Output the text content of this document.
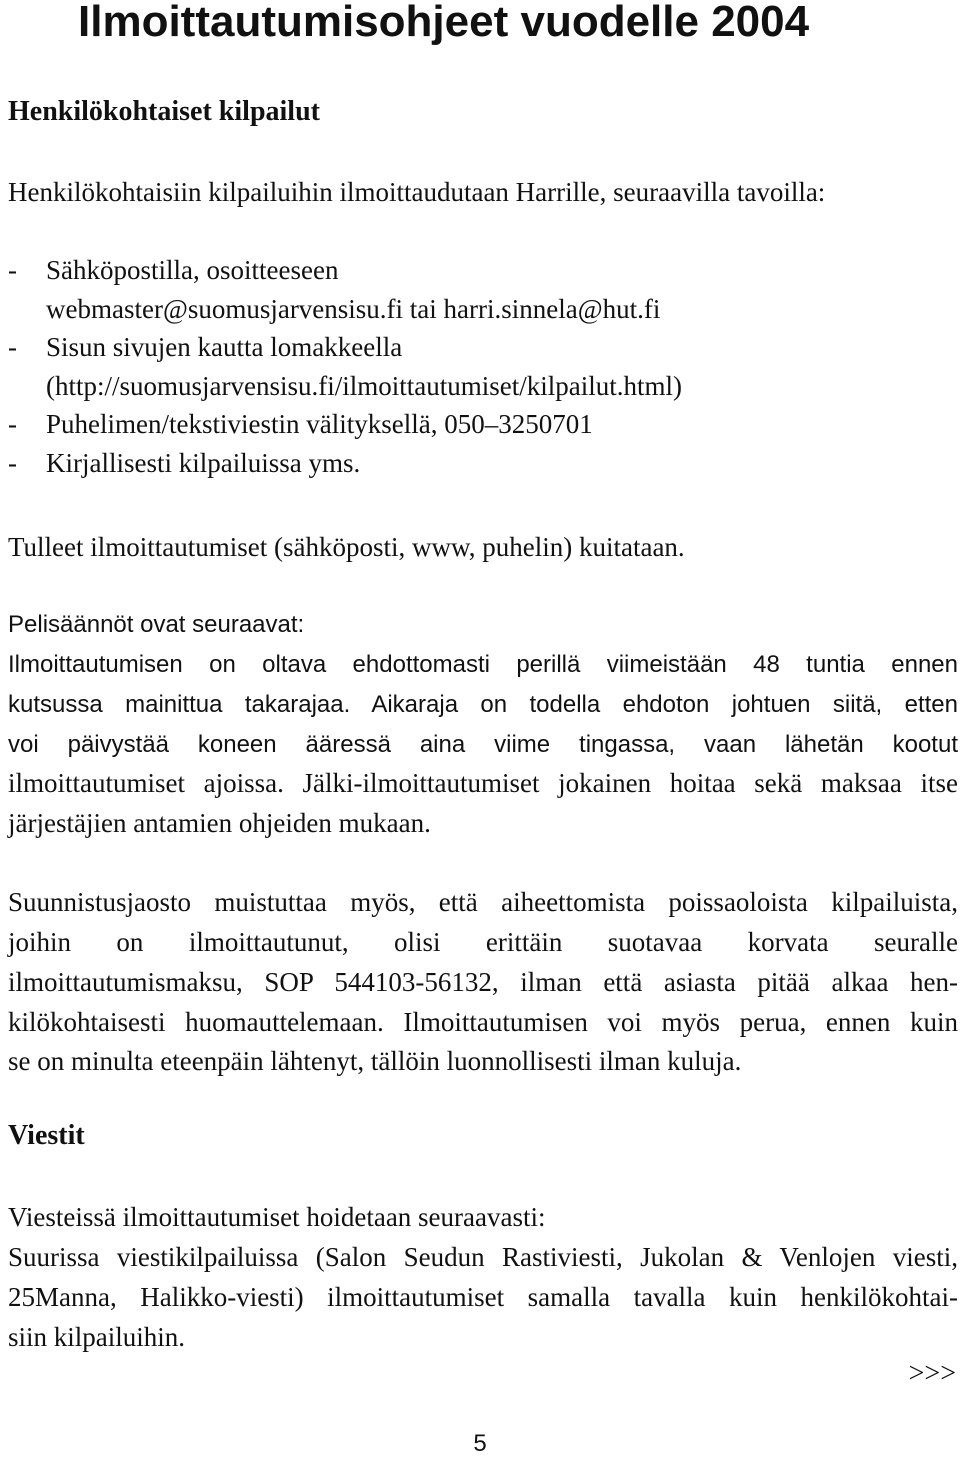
Ilmoittautumisohjeet vuodelle 2004
Henkilökohtaiset kilpailut

Henkilökohtaisiin kilpailuihin ilmoittaudutaan Harrille, seuraavilla tavoilla:

- Sähköpostilla, osoitteeseen
webmaster@suomusjarvensisu.fi tai harri.sinnela@hut.fi
- Sisun sivujen kautta lomakkeella
(http://suomusjarvensisu.fi/ilmoittautumiset/kilpailut.html)
- Puhelimen/tekstiviestin välityksellä, 050–3250701
- Kirjallisesti kilpailuissa yms.

Tulleet ilmoittautumiset (sähköposti, www, puhelin) kuitataan.

Pelisäännöt ovat seuraavat:

Ilmoittautumisen on oltava ehdottomasti perillä viimeistään 48 tuntia ennen

kutsussa mainittua takarajaa. Aikaraja on todella ehdoton johtuen siitä, etten

voi päivystää koneen ääressä aina viime tingassa, vaan lähetän kootut

ilmoittautumiset ajoissa. Jälki-ilmoittautumiset jokainen hoitaa sekä maksaa itse

järjestäjien antamien ohjeiden mukaan.

Suunnistusjaosto muistuttaa myös, että aiheettomista poissaoloista kilpailuista,

joihin on ilmoittautunut, olisi erittäin suotavaa korvata seuralle

ilmoittautumismaksu, SOP 544103-56132, ilman että asiasta pitää alkaa hen-

kilökohtaisesti huomauttelemaan. Ilmoittautumisen voi myös perua, ennen kuin

se on minulta eteenpäin lähtenyt, tällöin luonnollisesti ilman kuluja.

Viestit

Viesteissä ilmoittautumiset hoidetaan seuraavasti:

Suurissa viestikilpailuissa (Salon Seudun Rastiviesti, Jukolan & Venlojen viesti,

25Manna, Halikko-viesti) ilmoittautumiset samalla tavalla kuin henkilökohtai-

siin kilpailuihin.

>>>
5
